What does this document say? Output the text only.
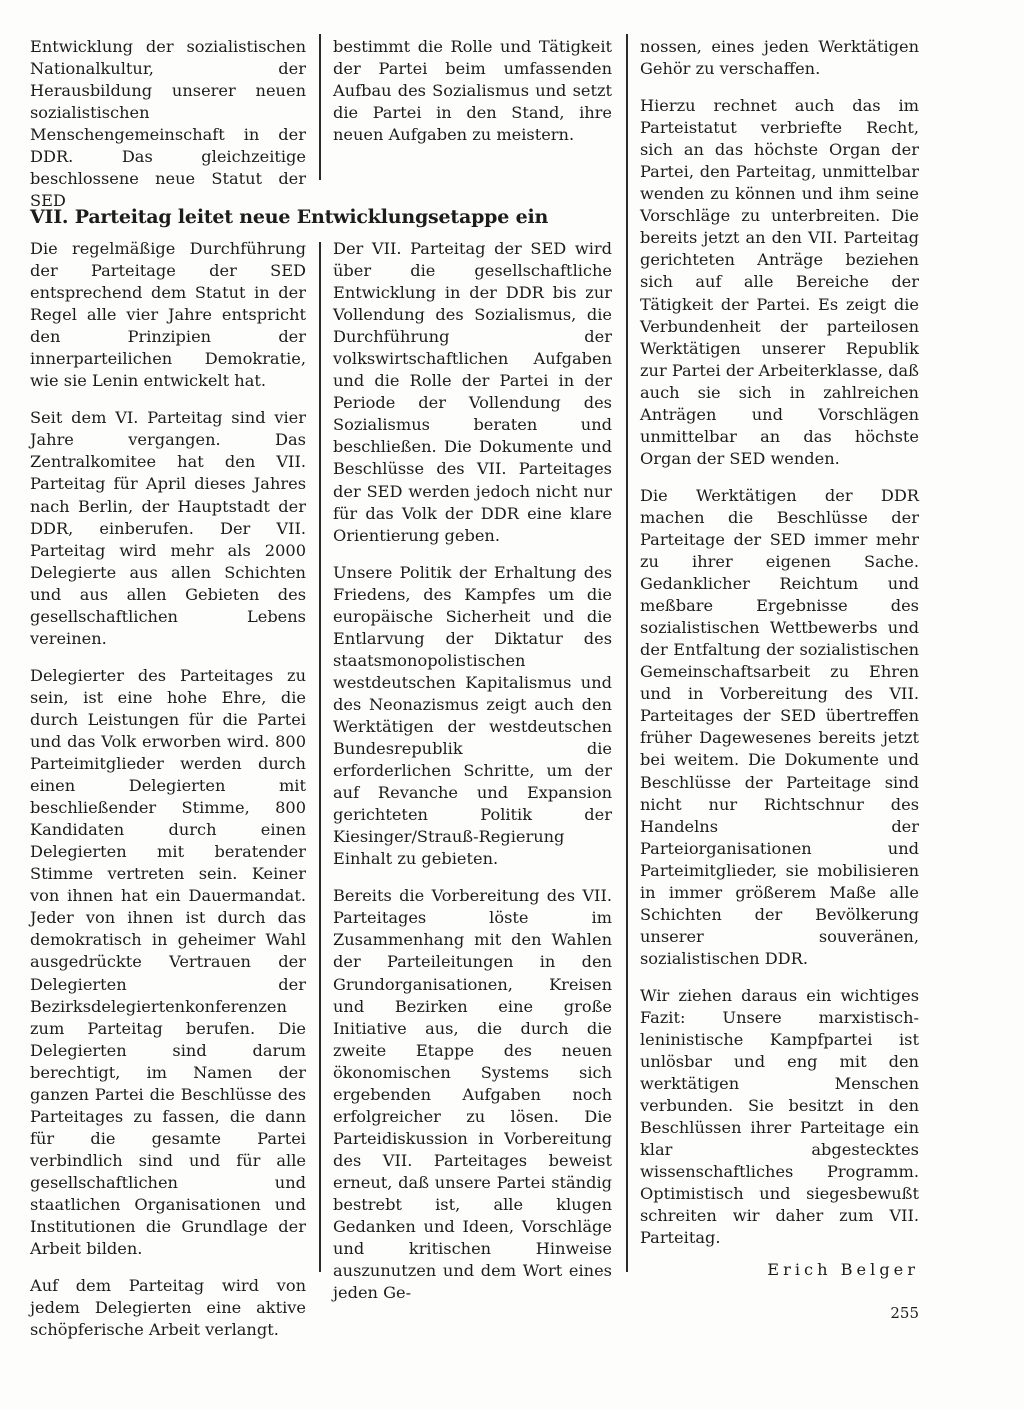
Entwicklung der sozialistischen Nationalkultur, der Herausbildung unserer neuen sozialistischen Menschengemeinschaft in der DDR. Das gleichzeitige beschlossene neue Statut der SED

bestimmt die Rolle und Tätigkeit der Partei beim umfassenden Aufbau des Sozialismus und setzt die Partei in den Stand, ihre neuen Aufgaben zu meistern.

VII. Parteitag leitet neue Entwicklungsetappe ein

Die regelmäßige Durchführung der Parteitage der SED entsprechend dem Statut in der Regel alle vier Jahre entspricht den Prinzipien der innerparteilichen Demokratie, wie sie Lenin entwickelt hat.

Seit dem VI. Parteitag sind vier Jahre vergangen. Das Zentralkomitee hat den VII. Parteitag für April dieses Jahres nach Berlin, der Hauptstadt der DDR, einberufen. Der VII. Parteitag wird mehr als 2000 Delegierte aus allen Schichten und aus allen Gebieten des gesellschaftlichen Lebens vereinen.

Delegierter des Parteitages zu sein, ist eine hohe Ehre, die durch Leistungen für die Partei und das Volk erworben wird. 800 Parteimitglieder werden durch einen Delegierten mit beschließender Stimme, 800 Kandidaten durch einen Delegierten mit beratender Stimme vertreten sein. Keiner von ihnen hat ein Dauermandat. Jeder von ihnen ist durch das demokratisch in geheimer Wahl ausgedrückte Vertrauen der Delegierten der Bezirksdelegiertenkonferenzen zum Parteitag berufen. Die Delegierten sind darum berechtigt, im Namen der ganzen Partei die Beschlüsse des Parteitages zu fassen, die dann für die gesamte Partei verbindlich sind und für alle gesellschaftlichen und staatlichen Organisationen und Institutionen die Grundlage der Arbeit bilden.

Auf dem Parteitag wird von jedem Delegierten eine aktive schöpferische Arbeit verlangt.

Der VII. Parteitag der SED wird über die gesellschaftliche Entwicklung in der DDR bis zur Vollendung des Sozialismus, die Durchführung der volkswirtschaftlichen Aufgaben und die Rolle der Partei in der Periode der Vollendung des Sozialismus beraten und beschließen. Die Dokumente und Beschlüsse des VII. Parteitages der SED werden jedoch nicht nur für das Volk der DDR eine klare Orientierung geben.

Unsere Politik der Erhaltung des Friedens, des Kampfes um die europäische Sicherheit und die Entlarvung der Diktatur des staatsmonopolistischen westdeutschen Kapitalismus und des Neonazismus zeigt auch den Werktätigen der westdeutschen Bundesrepublik die erforderlichen Schritte, um der auf Revanche und Expansion gerichteten Politik der Kiesinger/Strauß-Regierung Einhalt zu gebieten.

Bereits die Vorbereitung des VII. Parteitages löste im Zusammenhang mit den Wahlen der Parteileitungen in den Grundorganisationen, Kreisen und Bezirken eine große Initiative aus, die durch die zweite Etappe des neuen ökonomischen Systems sich ergebenden Aufgaben noch erfolgreicher zu lösen. Die Parteidiskussion in Vorbereitung des VII. Parteitages beweist erneut, daß unsere Partei ständig bestrebt ist, alle klugen Gedanken und Ideen, Vorschläge und kritischen Hinweise auszunutzen und dem Wort eines jeden Ge-

nossen, eines jeden Werktätigen Gehör zu verschaffen.

Hierzu rechnet auch das im Parteistatut verbriefte Recht, sich an das höchste Organ der Partei, den Parteitag, unmittelbar wenden zu können und ihm seine Vorschläge zu unterbreiten. Die bereits jetzt an den VII. Parteitag gerichteten Anträge beziehen sich auf alle Bereiche der Tätigkeit der Partei. Es zeigt die Verbundenheit der parteilosen Werktätigen unserer Republik zur Partei der Arbeiterklasse, daß auch sie sich in zahlreichen Anträgen und Vorschlägen unmittelbar an das höchste Organ der SED wenden.

Die Werktätigen der DDR machen die Beschlüsse der Parteitage der SED immer mehr zu ihrer eigenen Sache. Gedanklicher Reichtum und meßbare Ergebnisse des sozialistischen Wettbewerbs und der Entfaltung der sozialistischen Gemeinschaftsarbeit zu Ehren und in Vorbereitung des VII. Parteitages der SED übertreffen früher Dagewesenes bereits jetzt bei weitem. Die Dokumente und Beschlüsse der Parteitage sind nicht nur Richtschnur des Handelns der Parteiorganisationen und Parteimitglieder, sie mobilisieren in immer größerem Maße alle Schichten der Bevölkerung unserer souveränen, sozialistischen DDR.

Wir ziehen daraus ein wichtiges Fazit: Unsere marxistisch-leninistische Kampfpartei ist unlösbar und eng mit den werktätigen Menschen verbunden. Sie besitzt in den Beschlüssen ihrer Parteitage ein klar abgestecktes wissenschaftliches Programm. Optimistisch und siegesbewußt schreiten wir daher zum VII. Parteitag.

Erich Belger

255
